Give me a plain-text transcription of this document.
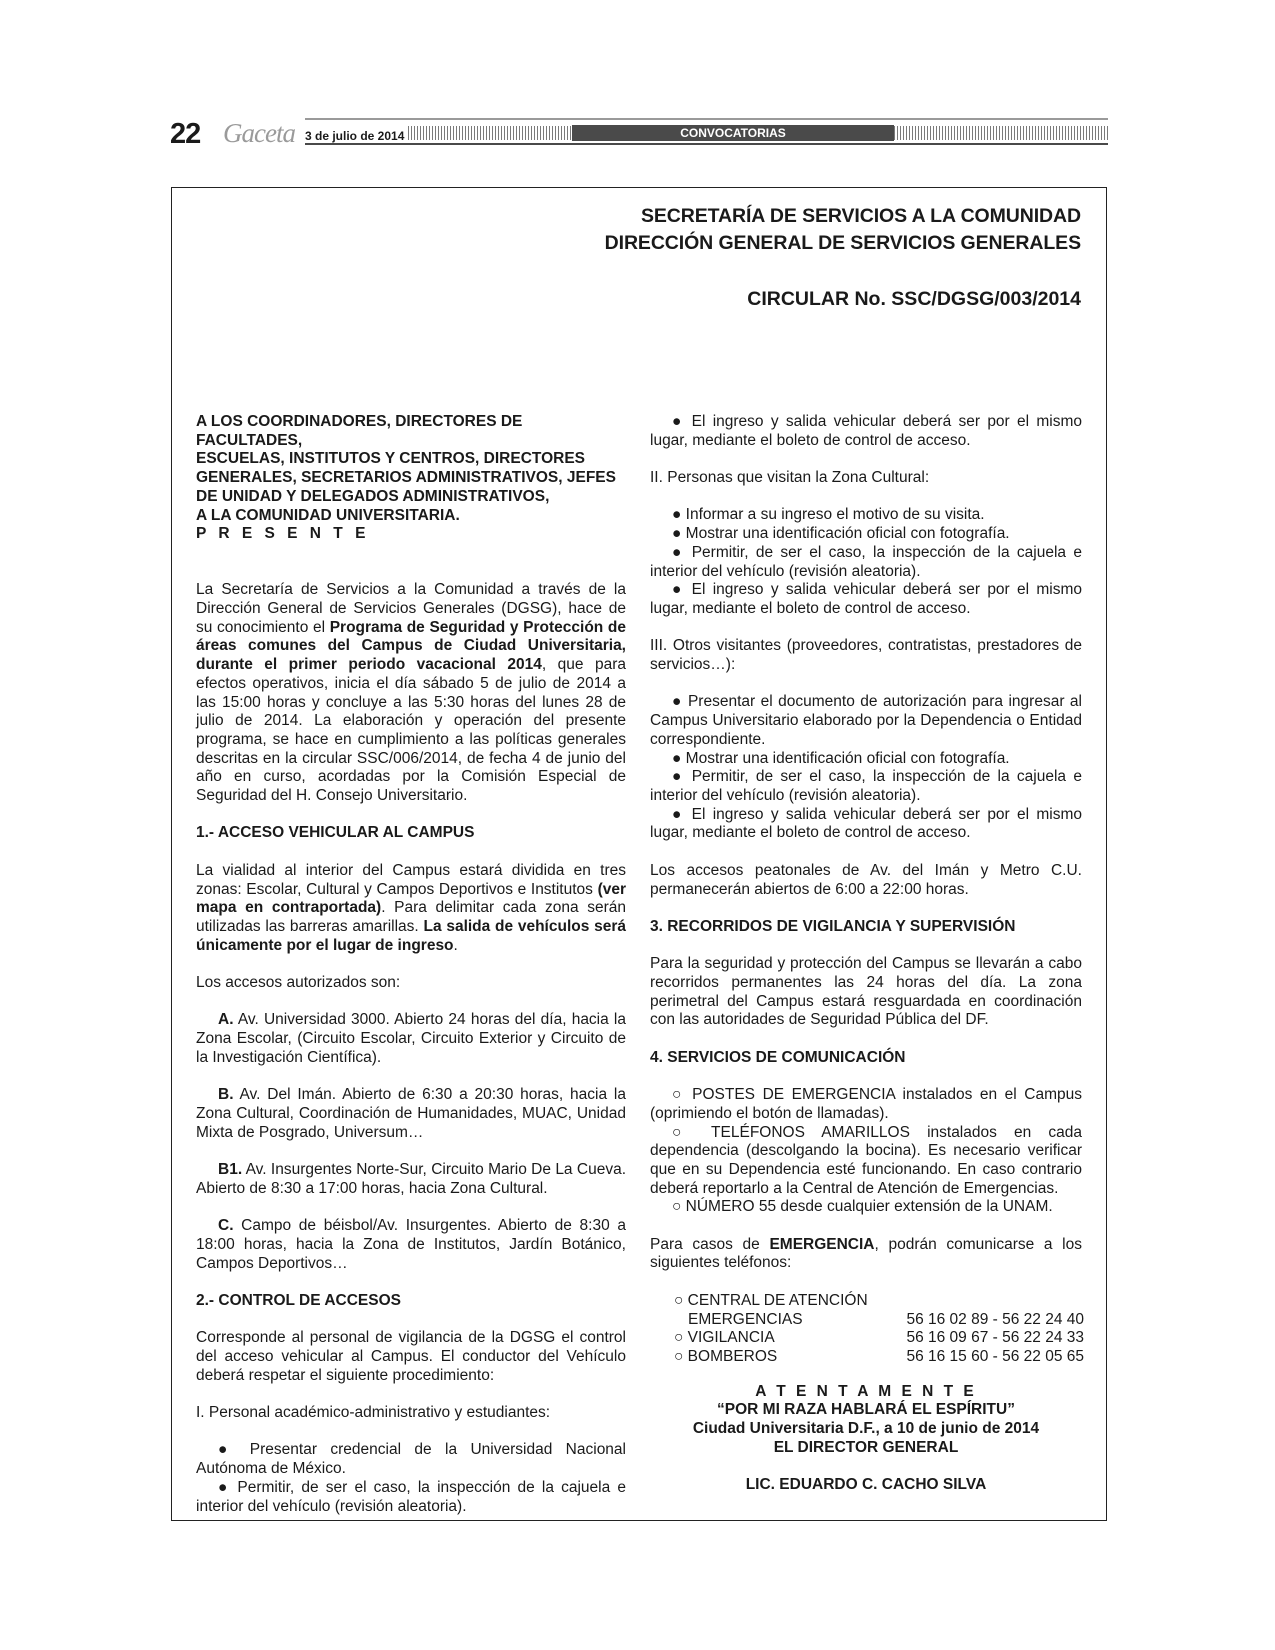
22 Gaceta 3 de julio de 2014	CONVOCATORIAS
SECRETARÍA DE SERVICIOS A LA COMUNIDAD
DIRECCIÓN GENERAL DE SERVICIOS GENERALES
CIRCULAR No. SSC/DGSG/003/2014
A LOS COORDINADORES, DIRECTORES DE FACULTADES,
ESCUELAS, INSTITUTOS Y CENTROS, DIRECTORES
GENERALES, SECRETARIOS ADMINISTRATIVOS, JEFES
DE UNIDAD Y DELEGADOS ADMINISTRATIVOS,
A LA COMUNIDAD UNIVERSITARIA.
P R E S E N T E

La Secretaría de Servicios a la Comunidad a través de la Dirección General de Servicios Generales (DGSG), hace de su conocimiento el Programa de Seguridad y Protección de áreas comunes del Campus de Ciudad Universitaria, durante el primer periodo vacacional 2014, que para efectos operativos, inicia el día sábado 5 de julio de 2014 a las 15:00 horas y concluye a las 5:30 horas del lunes 28 de julio de 2014. La elaboración y operación del presente programa, se hace en cumplimiento a las políticas generales descritas en la circular SSC/006/2014, de fecha 4 de junio del año en curso, acordadas por la Comisión Especial de Seguridad del H. Consejo Universitario.

1.- ACCESO VEHICULAR AL CAMPUS

La vialidad al interior del Campus estará dividida en tres zonas: Escolar, Cultural y Campos Deportivos e Institutos (ver mapa en contraportada). Para delimitar cada zona serán utilizadas las barreras amarillas. La salida de vehículos será únicamente por el lugar de ingreso.

Los accesos autorizados son:

A. Av. Universidad 3000. Abierto 24 horas del día, hacia la Zona Escolar, (Circuito Escolar, Circuito Exterior y Circuito de la Investigación Científica).

B. Av. Del Imán. Abierto de 6:30 a 20:30 horas, hacia la Zona Cultural, Coordinación de Humanidades, MUAC, Unidad Mixta de Posgrado, Universum…

B1. Av. Insurgentes Norte-Sur, Circuito Mario De La Cueva. Abierto de 8:30 a 17:00 horas, hacia Zona Cultural.

C. Campo de béisbol/Av. Insurgentes. Abierto de 8:30 a 18:00 horas, hacia la Zona de Institutos, Jardín Botánico, Campos Deportivos…

2.- CONTROL DE ACCESOS

Corresponde al personal de vigilancia de la DGSG el control del acceso vehicular al Campus. El conductor del Vehículo deberá respetar el siguiente procedimiento:

I. Personal académico-administrativo y estudiantes:

● Presentar credencial de la Universidad Nacional Autónoma de México.

● Permitir, de ser el caso, la inspección de la cajuela e interior del vehículo (revisión aleatoria).

● El ingreso y salida vehicular deberá ser por el mismo lugar, mediante el boleto de control de acceso.

II. Personas que visitan la Zona Cultural:

● Informar a su ingreso el motivo de su visita.

● Mostrar una identificación oficial con fotografía.

● Permitir, de ser el caso, la inspección de la cajuela e interior del vehículo (revisión aleatoria).

● El ingreso y salida vehicular deberá ser por el mismo lugar, mediante el boleto de control de acceso.

III. Otros visitantes (proveedores, contratistas, prestadores de servicios…):

● Presentar el documento de autorización para ingresar al Campus Universitario elaborado por la Dependencia o Entidad correspondiente.

● Mostrar una identificación oficial con fotografía.

● Permitir, de ser el caso, la inspección de la cajuela e interior del vehículo (revisión aleatoria).

● El ingreso y salida vehicular deberá ser por el mismo lugar, mediante el boleto de control de acceso.

Los accesos peatonales de Av. del Imán y Metro C.U. permanecerán abiertos de 6:00 a 22:00 horas.

3. RECORRIDOS DE VIGILANCIA Y SUPERVISIÓN

Para la seguridad y protección del Campus se llevarán a cabo recorridos permanentes las 24 horas del día. La zona perimetral del Campus estará resguardada en coordinación con las autoridades de Seguridad Pública del DF.

4. SERVICIOS DE COMUNICACIÓN

○ POSTES DE EMERGENCIA instalados en el Campus (oprimiendo el botón de llamadas).

○ TELÉFONOS AMARILLOS instalados en cada dependencia (descolgando la bocina). Es necesario verificar que en su Dependencia esté funcionando. En caso contrario deberá reportarlo a la Central de Atención de Emergencias.

○ NÚMERO 55 desde cualquier extensión de la UNAM.

Para casos de EMERGENCIA, podrán comunicarse a los siguientes teléfonos:

○ CENTRAL DE ATENCIÓN
EMERGENCIAS	56 16 02 89 - 56 22 24 40
○ VIGILANCIA	56 16 09 67 - 56 22 24 33
○ BOMBEROS	56 16 15 60 - 56 22 05 65
A T E N T A M E N T E
“POR MI RAZA HABLARÁ EL ESPÍRITU”
Ciudad Universitaria D.F., a 10 de junio de 2014
EL DIRECTOR GENERAL
LIC. EDUARDO C. CACHO SILVA
